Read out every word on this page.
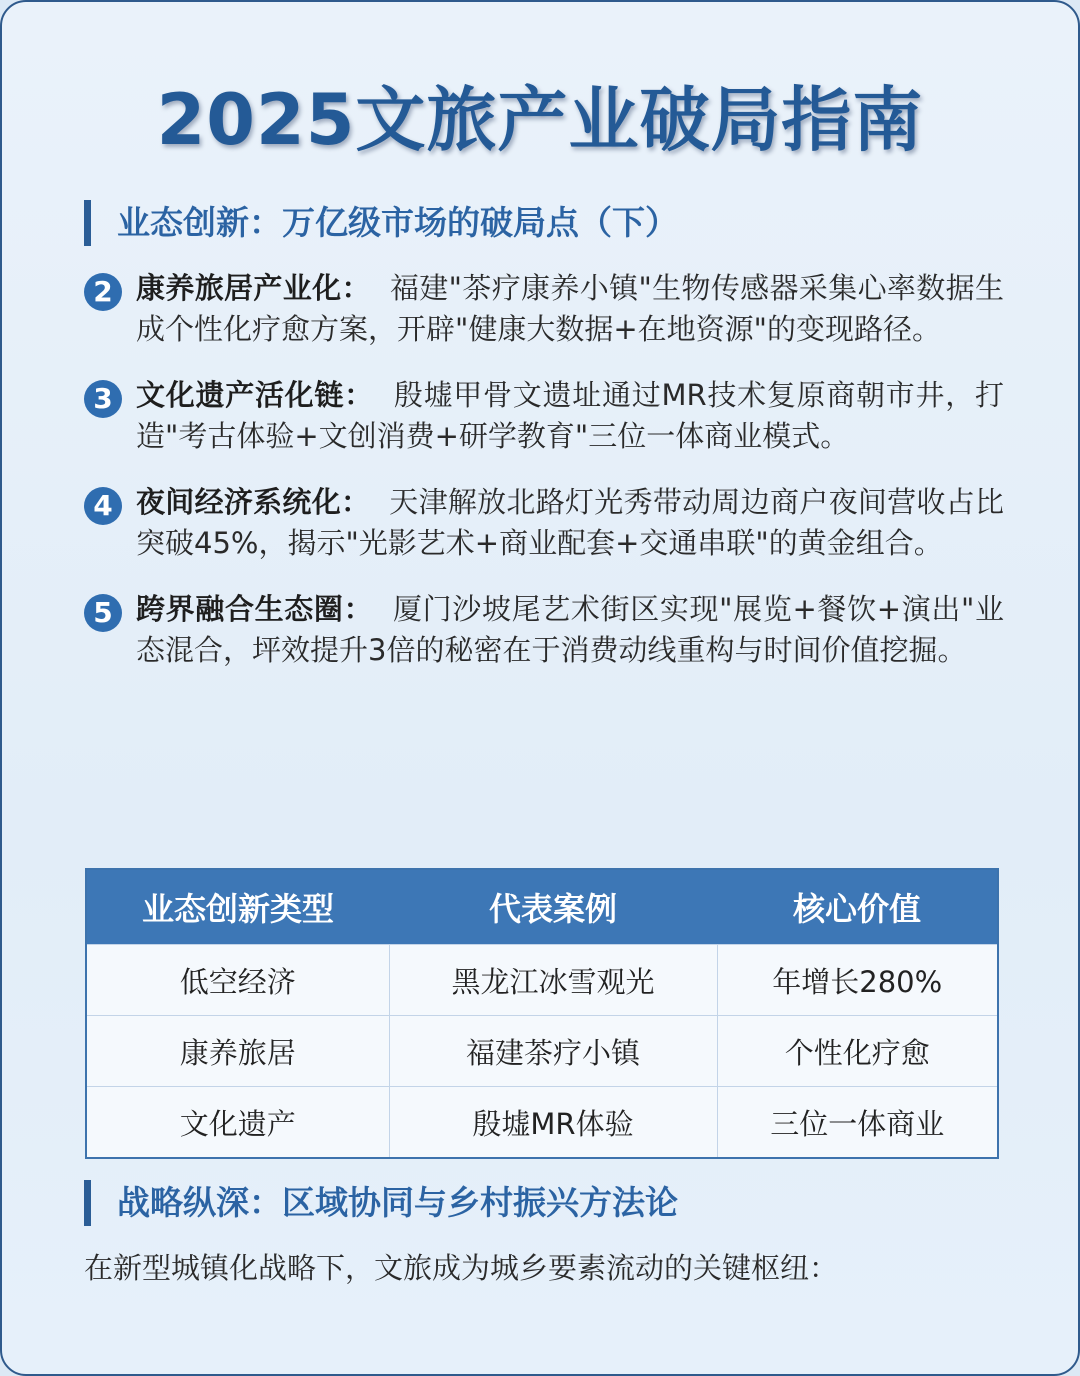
2025文旅产业破局指南
业态创新：万亿级市场的破局点（下）
2 康养旅居产业化： 福建"茶疗康养小镇"生物传感器采集心率数据生成个性化疗愈方案，开辟"健康大数据+在地资源"的变现路径。

3 文化遗产活化链： 殷墟甲骨文遗址通过MR技术复原商朝市井，打造"考古体验+文创消费+研学教育"三位一体商业模式。

4 夜间经济系统化： 天津解放北路灯光秀带动周边商户夜间营收占比突破45%，揭示"光影艺术+商业配套+交通串联"的黄金组合。

5 跨界融合生态圈： 厦门沙坡尾艺术街区实现"展览+餐饮+演出"业态混合，坪效提升3倍的秘密在于消费动线重构与时间价值挖掘。

业态创新类型	代表案例	核心价值
低空经济	黑龙江冰雪观光	年增长280%
康养旅居	福建茶疗小镇	个性化疗愈
文化遗产	殷墟MR体验	三位一体商业
战略纵深：区域协同与乡村振兴方法论
在新型城镇化战略下，文旅成为城乡要素流动的关键枢纽：
